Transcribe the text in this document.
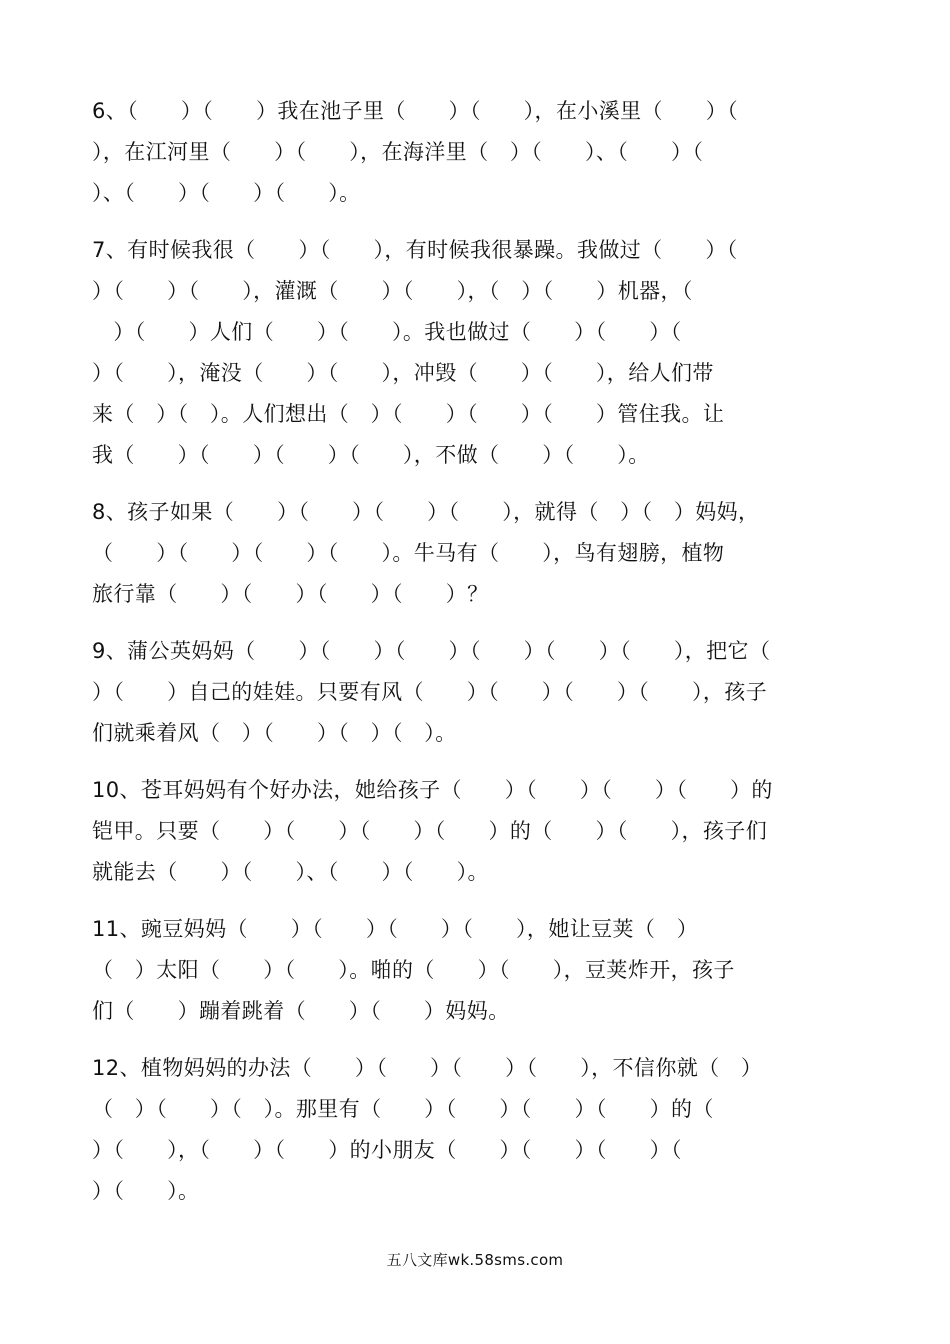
6、（　　）（　　）我在池子里（　　）（　　），在小溪里（　　）（
），在江河里（　　）（　　），在海洋里（　）（　　）、（　　）（
）、（　　）（　　）（　　）。
7、有时候我很（　　）（　　），有时候我很暴躁。我做过（　　）（
）（　　）（　　），灌溉（　　）（　　），（　）（　　）机器，（
　）（　　）人们（　　）（　　）。我也做过（　　）（　　）（
）（　　），淹没（　　）（　　），冲毁（　　）（　　），给人们带
来（　）（　）。人们想出（　）（　　）（　　）（　　）管住我。让
我（　　）（　　）（　　）（　　），不做（　　）（　　）。
8、孩子如果（　　）（　　）（　　）（　　），就得（　）（　）妈妈，
（　　）（　　）（　　）（　　）。牛马有（　　），鸟有翅膀，植物
旅行靠（　　）（　　）（　　）（　　）？
9、蒲公英妈妈（　　）（　　）（　　）（　　）（　　）（　　），把它（
）（　　）自己的娃娃。只要有风（　　）（　　）（　　）（　　），孩子
们就乘着风（　）（　　）（　）（　）。
10、苍耳妈妈有个好办法，她给孩子（　　）（　　）（　　）（　　）的
铠甲。只要（　　）（　　）（　　）（　　）的（　　）（　　），孩子们
就能去（　　）（　　）、（　　）（　　）。
11、豌豆妈妈（　　）（　　）（　　）（　　），她让豆荚（　）
（　）太阳（　　）（　　）。啪的（　　）（　　），豆荚炸开，孩子
们（　　）蹦着跳着（　　）（　　）妈妈。
12、植物妈妈的办法（　　）（　　）（　　）（　　），不信你就（　）
（　）（　　）（　）。那里有（　　）（　　）（　　）（　　）的（
）（　　），（　　）（　　）的小朋友（　　）（　　）（　　）（
）（　　）。
五八文库wk.58sms.com
